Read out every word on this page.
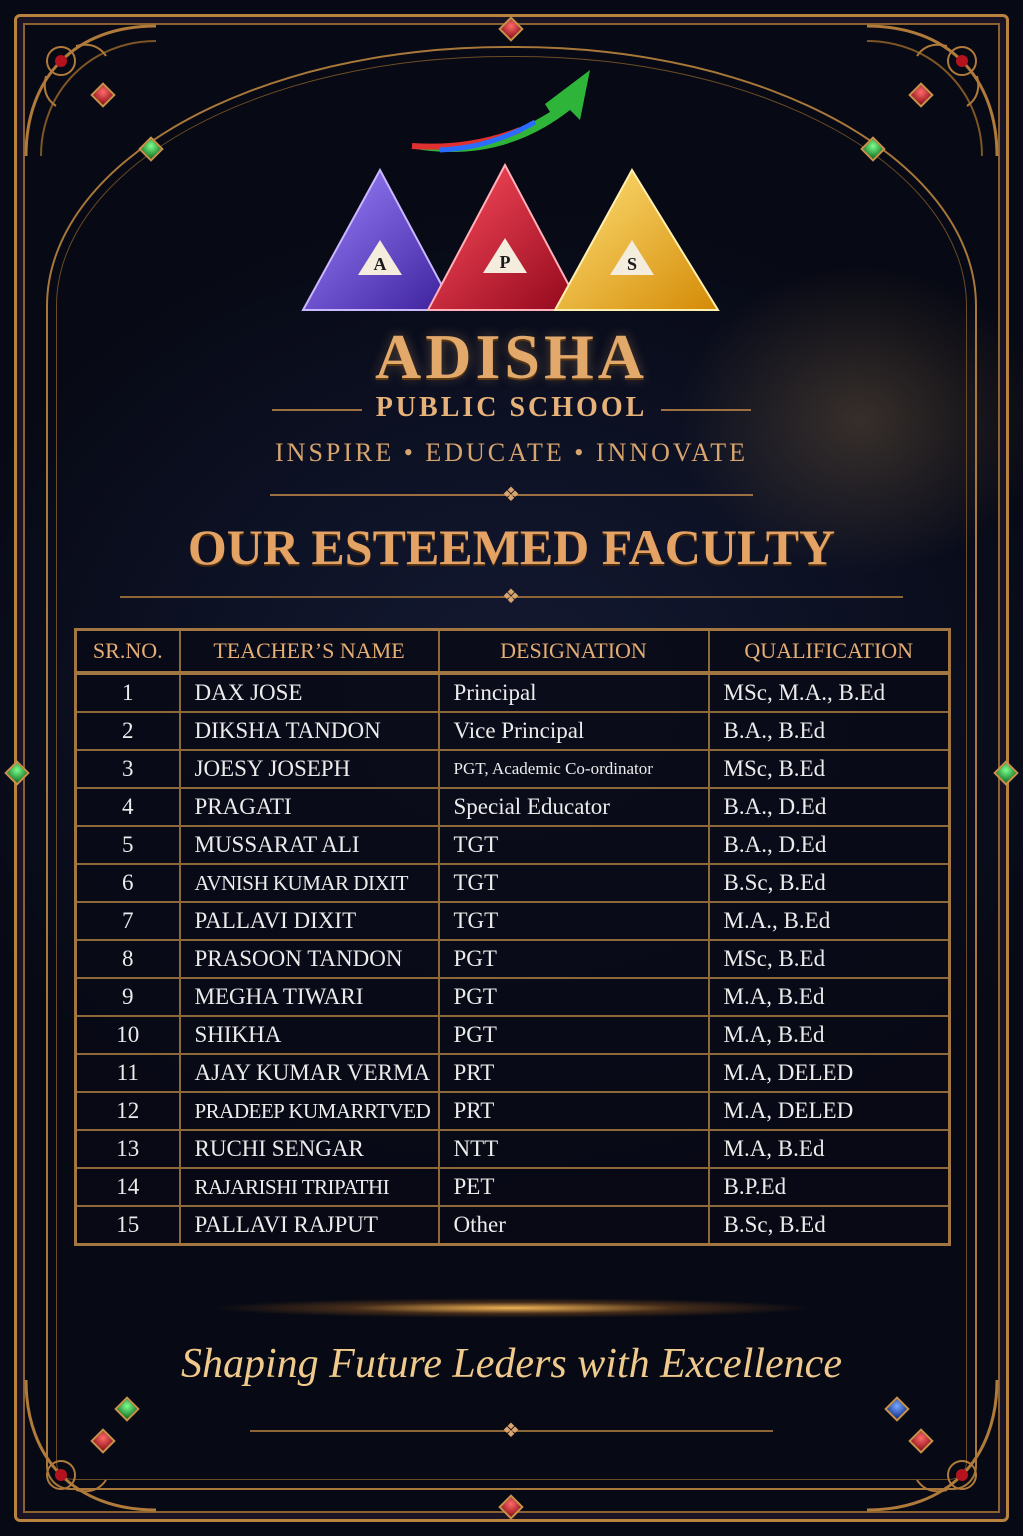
A	P	S
ADISHA
PUBLIC SCHOOL
INSPIRE • EDUCATE • INNOVATE
❖
OUR ESTEEMED FACULTY
❖
SR.NO.	TEACHER’S NAME	DESIGNATION	QUALIFICATION
1	DAX JOSE	Principal	MSc, M.A., B.Ed
2	DIKSHA TANDON	Vice Principal	B.A., B.Ed
3	JOESY JOSEPH	PGT, Academic Co-ordinator	MSc, B.Ed
4	PRAGATI	Special Educator	B.A., D.Ed
5	MUSSARAT ALI	TGT	B.A., D.Ed
6	AVNISH KUMAR DIXIT	TGT	B.Sc, B.Ed
7	PALLAVI DIXIT	TGT	M.A., B.Ed
8	PRASOON TANDON	PGT	MSc, B.Ed
9	MEGHA TIWARI	PGT	M.A, B.Ed
10	SHIKHA	PGT	M.A, B.Ed
11	AJAY KUMAR VERMA	PRT	M.A, DELED
12	PRADEEP KUMARRTVED	PRT	M.A, DELED
13	RUCHI SENGAR	NTT	M.A, B.Ed
14	RAJARISHI TRIPATHI	PET	B.P.Ed
15	PALLAVI RAJPUT	Other	B.Sc, B.Ed
Shaping Future Leders with Excellence
❖
